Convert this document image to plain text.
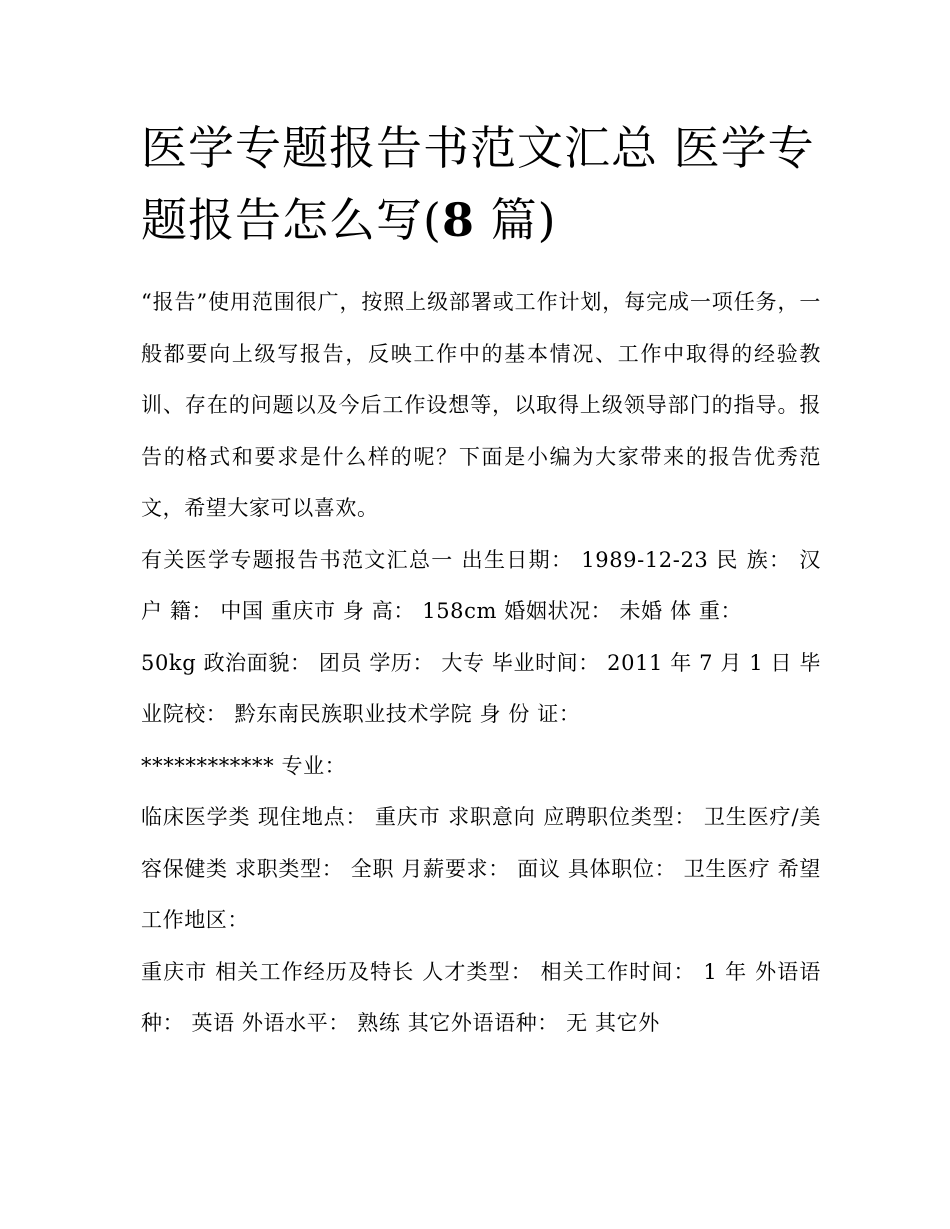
医学专题报告书范文汇总 医学专题报告怎么写(8 篇)

“报告”使用范围很广，按照上级部署或工作计划，每完成一项任务，一般都要向上级写报告，反映工作中的基本情况、工作中取得的经验教训、存在的问题以及今后工作设想等，以取得上级领导部门的指导。报告的格式和要求是什么样的呢？下面是小编为大家带来的报告优秀范文，希望大家可以喜欢。

有关医学专题报告书范文汇总一 出生日期： 1989-12-23 民 族： 汉 户 籍： 中国 重庆市 身 高： 158cm 婚姻状况： 未婚 体 重：

50kg 政治面貌： 团员 学历： 大专 毕业时间： 2011 年 7 月 1 日 毕业院校： 黔东南民族职业技术学院 身 份 证：

************ 专业：

临床医学类 现住地点： 重庆市 求职意向 应聘职位类型： 卫生医疗/美容保健类 求职类型： 全职 月薪要求： 面议 具体职位： 卫生医疗 希望工作地区：

重庆市 相关工作经历及特长 人才类型： 相关工作时间： 1 年 外语语种： 英语 外语水平： 熟练 其它外语语种： 无 其它外
